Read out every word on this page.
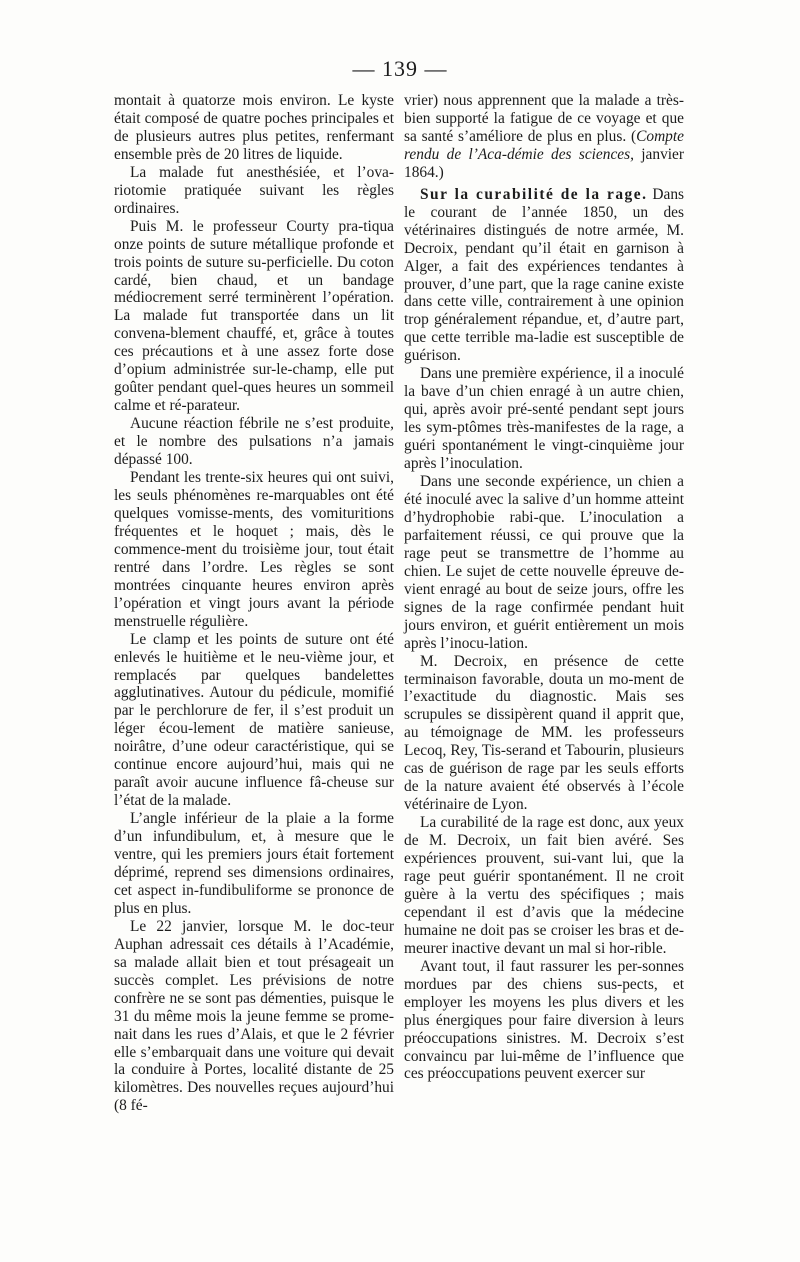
— 139 —

montait à quatorze mois environ. Le kyste était composé de quatre poches principales et de plusieurs autres plus petites, renfermant ensemble près de 20 litres de liquide.

La malade fut anesthésiée, et l’ova-riotomie pratiquée suivant les règles ordinaires.

Puis M. le professeur Courty pra-tiqua onze points de suture métallique profonde et trois points de suture su-perficielle. Du coton cardé, bien chaud, et un bandage médiocrement serré terminèrent l’opération. La malade fut transportée dans un lit convena-blement chauffé, et, grâce à toutes ces précautions et à une assez forte dose d’opium administrée sur-le-champ, elle put goûter pendant quel-ques heures un sommeil calme et ré-parateur.

Aucune réaction fébrile ne s’est produite, et le nombre des pulsations n’a jamais dépassé 100.

Pendant les trente-six heures qui ont suivi, les seuls phénomènes re-marquables ont été quelques vomisse-ments, des vomituritions fréquentes et le hoquet ; mais, dès le commence-ment du troisième jour, tout était rentré dans l’ordre. Les règles se sont montrées cinquante heures environ après l’opération et vingt jours avant la période menstruelle régulière.

Le clamp et les points de suture ont été enlevés le huitième et le neu-vième jour, et remplacés par quelques bandelettes agglutinatives. Autour du pédicule, momifié par le perchlorure de fer, il s’est produit un léger écou-lement de matière sanieuse, noirâtre, d’une odeur caractéristique, qui se continue encore aujourd’hui, mais qui ne paraît avoir aucune influence fâ-cheuse sur l’état de la malade.

L’angle inférieur de la plaie a la forme d’un infundibulum, et, à mesure que le ventre, qui les premiers jours était fortement déprimé, reprend ses dimensions ordinaires, cet aspect in-fundibuliforme se prononce de plus en plus.

Le 22 janvier, lorsque M. le doc-teur Auphan adressait ces détails à l’Académie, sa malade allait bien et tout présageait un succès complet. Les prévisions de notre confrère ne se sont pas démenties, puisque le 31 du même mois la jeune femme se prome-nait dans les rues d’Alais, et que le 2 février elle s’embarquait dans une voiture qui devait la conduire à Portes, localité distante de 25 kilomètres. Des nouvelles reçues aujourd’hui (8 fé-

vrier) nous apprennent que la malade a très-bien supporté la fatigue de ce voyage et que sa santé s’améliore de plus en plus. (Compte rendu de l’Aca-démie des sciences, janvier 1864.)

Sur la curabilité de la rage. Dans le courant de l’année 1850, un des vétérinaires distingués de notre armée, M. Decroix, pendant qu’il était en garnison à Alger, a fait des expériences tendantes à prouver, d’une part, que la rage canine existe dans cette ville, contrairement à une opinion trop généralement répandue, et, d’autre part, que cette terrible ma-ladie est susceptible de guérison.

Dans une première expérience, il a inoculé la bave d’un chien enragé à un autre chien, qui, après avoir pré-senté pendant sept jours les sym-ptômes très-manifestes de la rage, a guéri spontanément le vingt-cinquième jour après l’inoculation.

Dans une seconde expérience, un chien a été inoculé avec la salive d’un homme atteint d’hydrophobie rabi-que. L’inoculation a parfaitement réussi, ce qui prouve que la rage peut se transmettre de l’homme au chien. Le sujet de cette nouvelle épreuve de-vient enragé au bout de seize jours, offre les signes de la rage confirmée pendant huit jours environ, et guérit entièrement un mois après l’inocu-lation.

M. Decroix, en présence de cette terminaison favorable, douta un mo-ment de l’exactitude du diagnostic. Mais ses scrupules se dissipèrent quand il apprit que, au témoignage de MM. les professeurs Lecoq, Rey, Tis-serand et Tabourin, plusieurs cas de guérison de rage par les seuls efforts de la nature avaient été observés à l’école vétérinaire de Lyon.

La curabilité de la rage est donc, aux yeux de M. Decroix, un fait bien avéré. Ses expériences prouvent, sui-vant lui, que la rage peut guérir spontanément. Il ne croit guère à la vertu des spécifiques ; mais cependant il est d’avis que la médecine humaine ne doit pas se croiser les bras et de-meurer inactive devant un mal si hor-rible.

Avant tout, il faut rassurer les per-sonnes mordues par des chiens sus-pects, et employer les moyens les plus divers et les plus énergiques pour faire diversion à leurs préoccupations sinistres. M. Decroix s’est convaincu par lui-même de l’influence que ces préoccupations peuvent exercer sur
